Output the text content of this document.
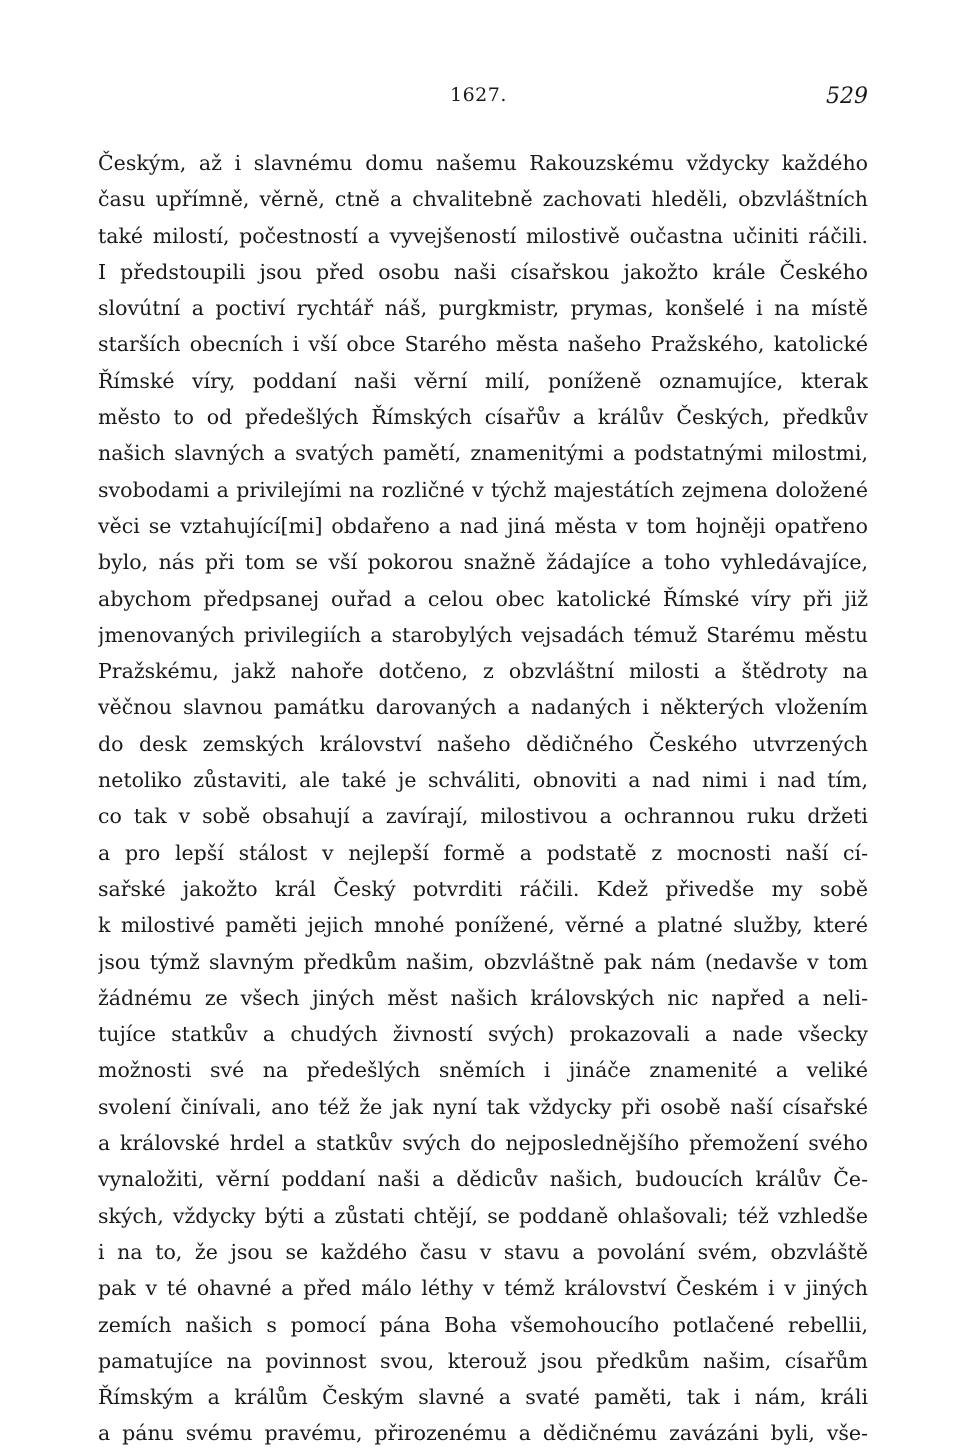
1627.	529
Českým, až i slavnému domu našemu Rakouzskému vždycky každého
času upřímně, věrně, ctně a chvalitebně zachovati hleděli, obzvláštních
také milostí, počestností a vyvejšeností milostivě oučastna učiniti ráčili.
I předstoupili jsou před osobu naši císařskou jakožto krále Českého
slovútní a poctiví rychtář náš, purgkmistr, prymas, konšelé i na místě
starších obecních i vší obce Starého města našeho Pražského, katolické
Římské víry, poddaní naši věrní milí, poníženě oznamujíce, kterak
město to od předešlých Římských císařův a králův Českých, předkův
našich slavných a svatých pamětí, znamenitými a podstatnými milostmi,
svobodami a privilejími na rozličné v týchž majestátích zejmena doložené
věci se vztahující[mi] obdařeno a nad jiná města v tom hojněji opatřeno
bylo, nás při tom se vší pokorou snažně žádajíce a toho vyhledávajíce,
abychom předpsanej ouřad a celou obec katolické Římské víry při již
jmenovaných privilegiích a starobylých vejsadách témuž Starému městu
Pražskému, jakž nahoře dotčeno, z obzvláštní milosti a štědroty na
věčnou slavnou památku darovaných a nadaných i některých vložením
do desk zemských království našeho dědičného Českého utvrzených
netoliko zůstaviti, ale také je schváliti, obnoviti a nad nimi i nad tím,
co tak v sobě obsahují a zavírají, milostivou a ochrannou ruku držeti
a pro lepší stálost v nejlepší formě a podstatě z mocnosti naší cí-
sařské jakožto král Český potvrditi ráčili. Kdež přivedše my sobě
k milostivé paměti jejich mnohé ponížené, věrné a platné služby, které
jsou týmž slavným předkům našim, obzvláštně pak nám (nedavše v tom
žádnému ze všech jiných měst našich královských nic napřed a neli-
tujíce statkův a chudých živností svých) prokazovali a nade všecky
možnosti své na předešlých sněmích i jináče znamenité a veliké
svolení činívali, ano též že jak nyní tak vždycky při osobě naší císařské
a královské hrdel a statkův svých do nejposlednějšího přemožení svého
vynaložiti, věrní poddaní naši a dědicův našich, budoucích králův Če-
ských, vždycky býti a zůstati chtějí, se poddaně ohlašovali; též vzhledše
i na to, že jsou se každého času v stavu a povolání svém, obzvláště
pak v té ohavné a před málo léthy v témž království Českém i v jiných
zemích našich s pomocí pána Boha všemohoucího potlačené rebellii,
pamatujíce na povinnost svou, kterouž jsou předkům našim, císařům
Římským a králům Českým slavné a svaté paměti, tak i nám, králi
a pánu svému pravému, přirozenému a dědičnému zavázáni byli, vše-
